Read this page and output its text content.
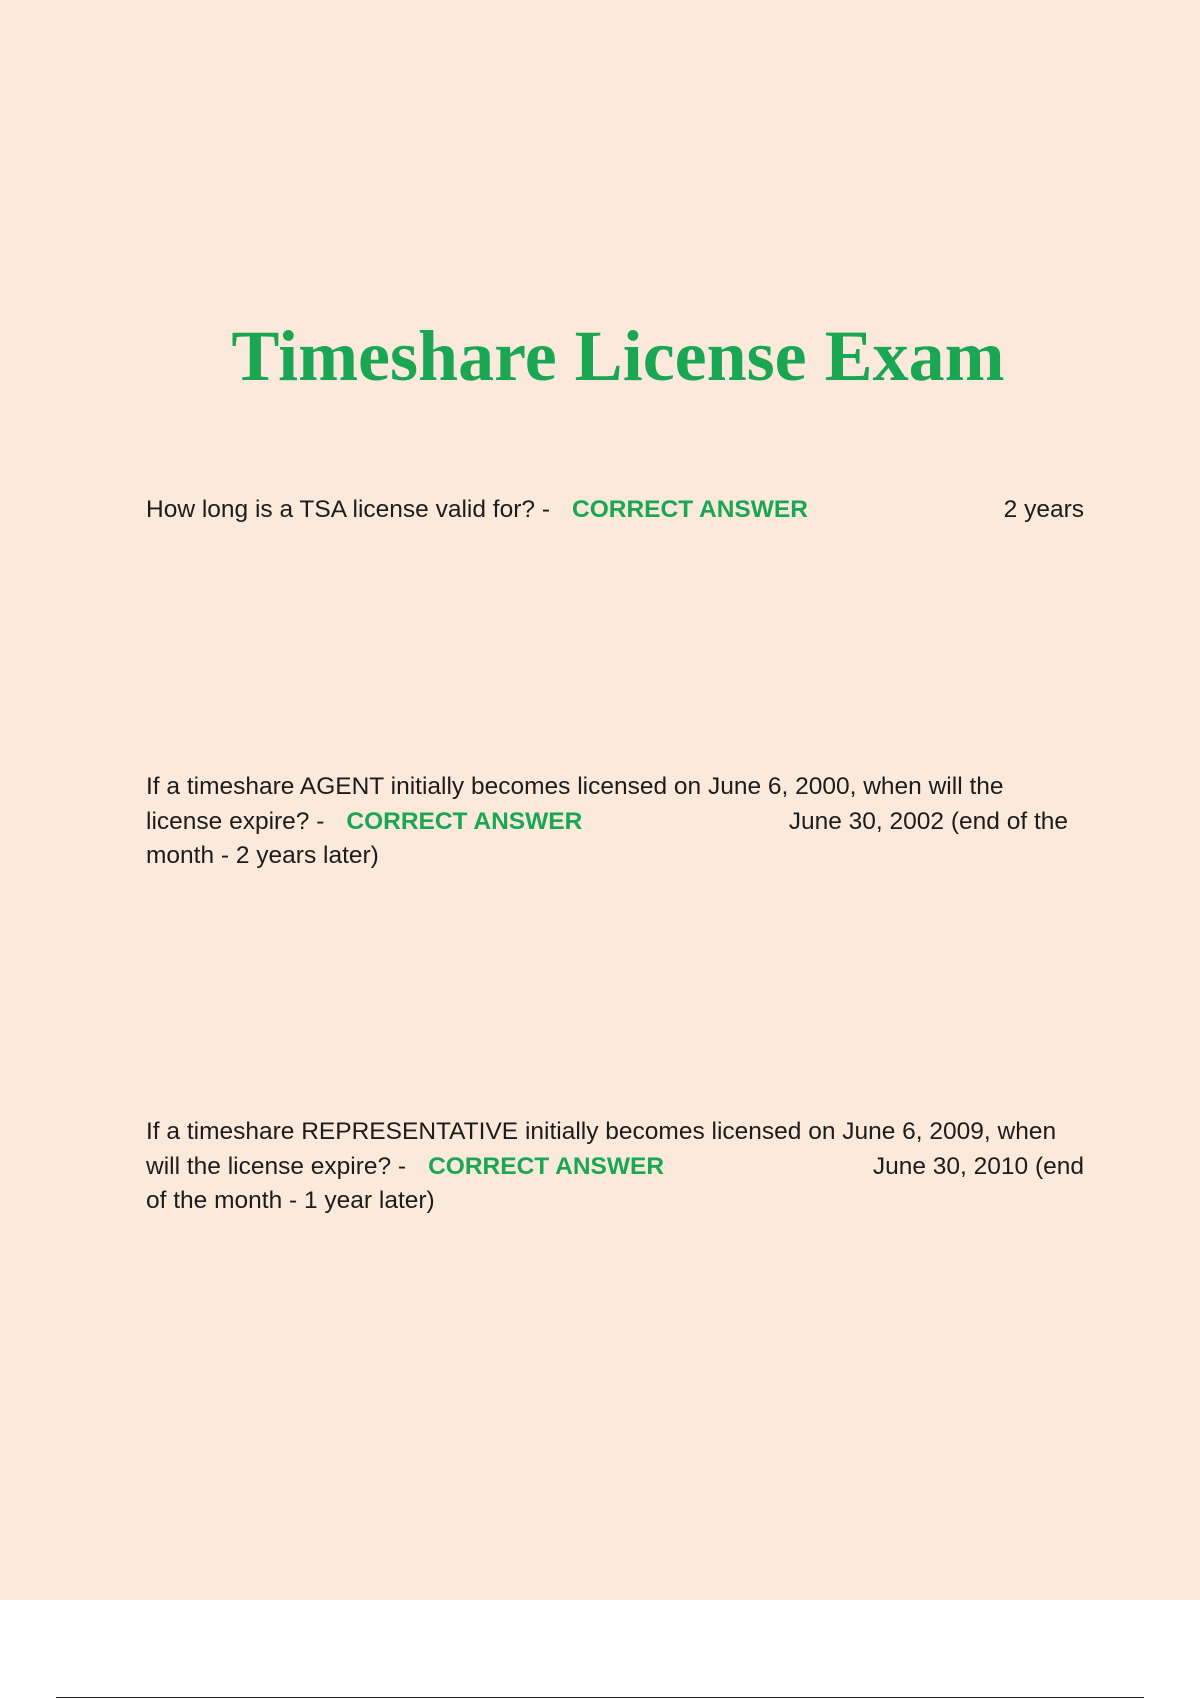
Timeshare License Exam
How long is a TSA license valid for? - CORRECT ANSWER	2 years
If a timeshare AGENT initially becomes licensed on June 6, 2000, when will the
license expire? - CORRECT ANSWER	June 30, 2002 (end of the
month - 2 years later)
If a timeshare REPRESENTATIVE initially becomes licensed on June 6, 2009, when
will the license expire? - CORRECT ANSWER	June 30, 2010 (end
of the month - 1 year later)
